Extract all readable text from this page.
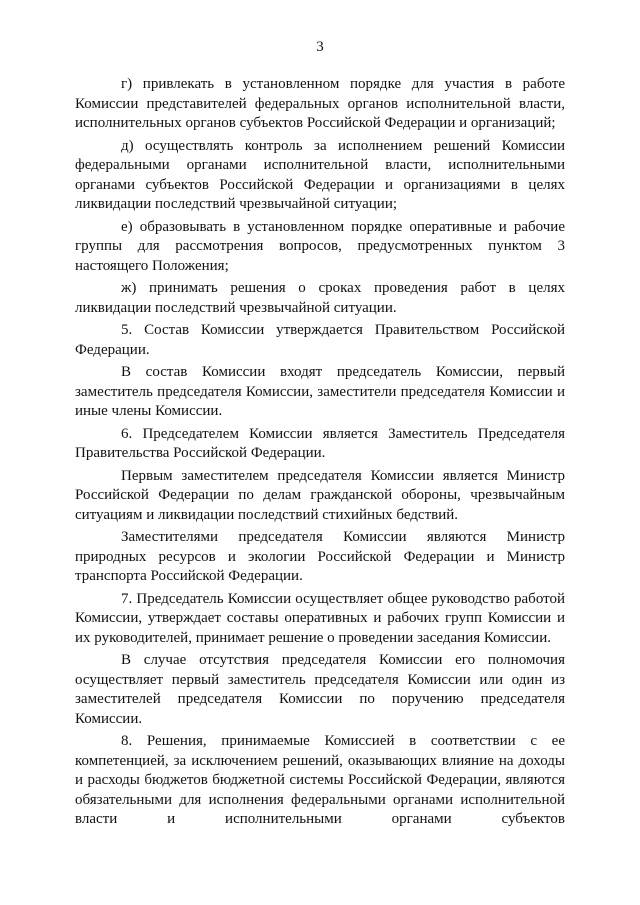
3

г) привлекать в установленном порядке для участия в работе Комиссии представителей федеральных органов исполнительной власти, исполнительных органов субъектов Российской Федерации и организаций;

д) осуществлять контроль за исполнением решений Комиссии федеральными органами исполнительной власти, исполнительными органами субъектов Российской Федерации и организациями в целях ликвидации последствий чрезвычайной ситуации;

е) образовывать в установленном порядке оперативные и рабочие группы для рассмотрения вопросов, предусмотренных пунктом 3 настоящего Положения;

ж) принимать решения о сроках проведения работ в целях ликвидации последствий чрезвычайной ситуации.

5. Состав Комиссии утверждается Правительством Российской Федерации.

В состав Комиссии входят председатель Комиссии, первый заместитель председателя Комиссии, заместители председателя Комиссии и иные члены Комиссии.

6. Председателем Комиссии является Заместитель Председателя Правительства Российской Федерации.

Первым заместителем председателя Комиссии является Министр Российской Федерации по делам гражданской обороны, чрезвычайным ситуациям и ликвидации последствий стихийных бедствий.

Заместителями председателя Комиссии являются Министр природных ресурсов и экологии Российской Федерации и Министр транспорта Российской Федерации.

7. Председатель Комиссии осуществляет общее руководство работой Комиссии, утверждает составы оперативных и рабочих групп Комиссии и их руководителей, принимает решение о проведении заседания Комиссии.

В случае отсутствия председателя Комиссии его полномочия осуществляет первый заместитель председателя Комиссии или один из заместителей председателя Комиссии по поручению председателя Комиссии.

8. Решения, принимаемые Комиссией в соответствии с ее компетенцией, за исключением решений, оказывающих влияние на доходы и расходы бюджетов бюджетной системы Российской Федерации, являются обязательными для исполнения федеральными органами исполнительной власти и исполнительными органами субъектов
